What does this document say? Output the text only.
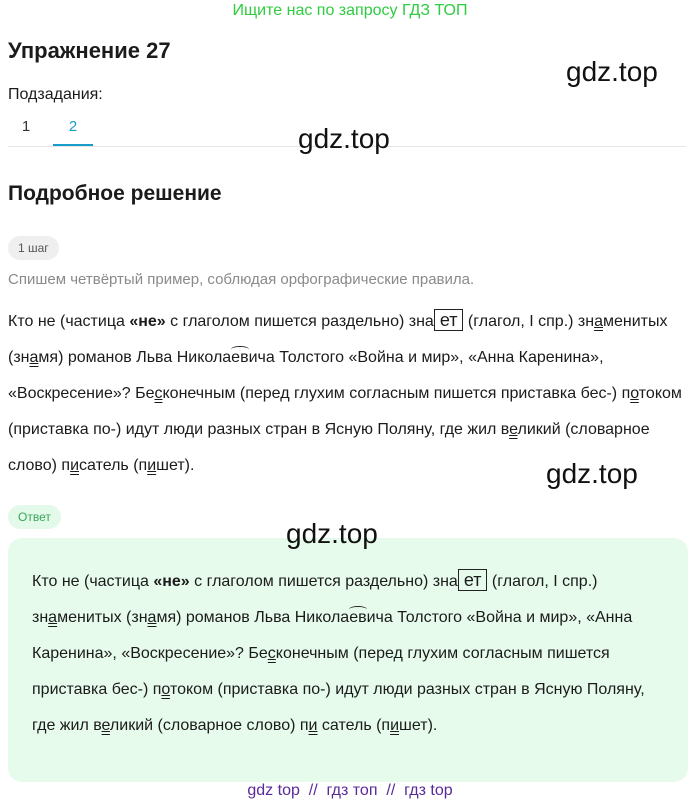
Ищите нас по запросу ГДЗ ТОП
Упражнение 27
Подзадания:
1	2
gdz.top
gdz.top
Подробное решение
1 шаг
Спишем четвёртый пример, соблюдая орфографические правила.
Кто не (частица «не» с глаголом пишется раздельно) зна ет (глагол, I спр.) знаменитых (знамя) романов Льва Николаевича Толстого «Война и мир», «Анна Каренина», «Воскресение»? Бесконечным (перед глухим согласным пишется приставка бес-) потоком (приставка по-) идут люди разных стран в Ясную Поляну, где жил великий (словарное слово) писатель (пишет).	gdz.top
Ответ
Кто не (частица «не» с глаголом пишется раздельно) зна ет (глагол, I спр.) знаменитых (знамя) романов Льва Николаевича Толстого «Война и мир», «Анна Каренина», «Воскресение»? Бесконечным (перед глухим согласным пишется приставка бес-) потоком (приставка по-) идут люди разных стран в Ясную Поляну, где жил великий (словарное слово) пи сатель (пишет).
gdz.top
gdz top  //  гдз топ  //  гдз top
